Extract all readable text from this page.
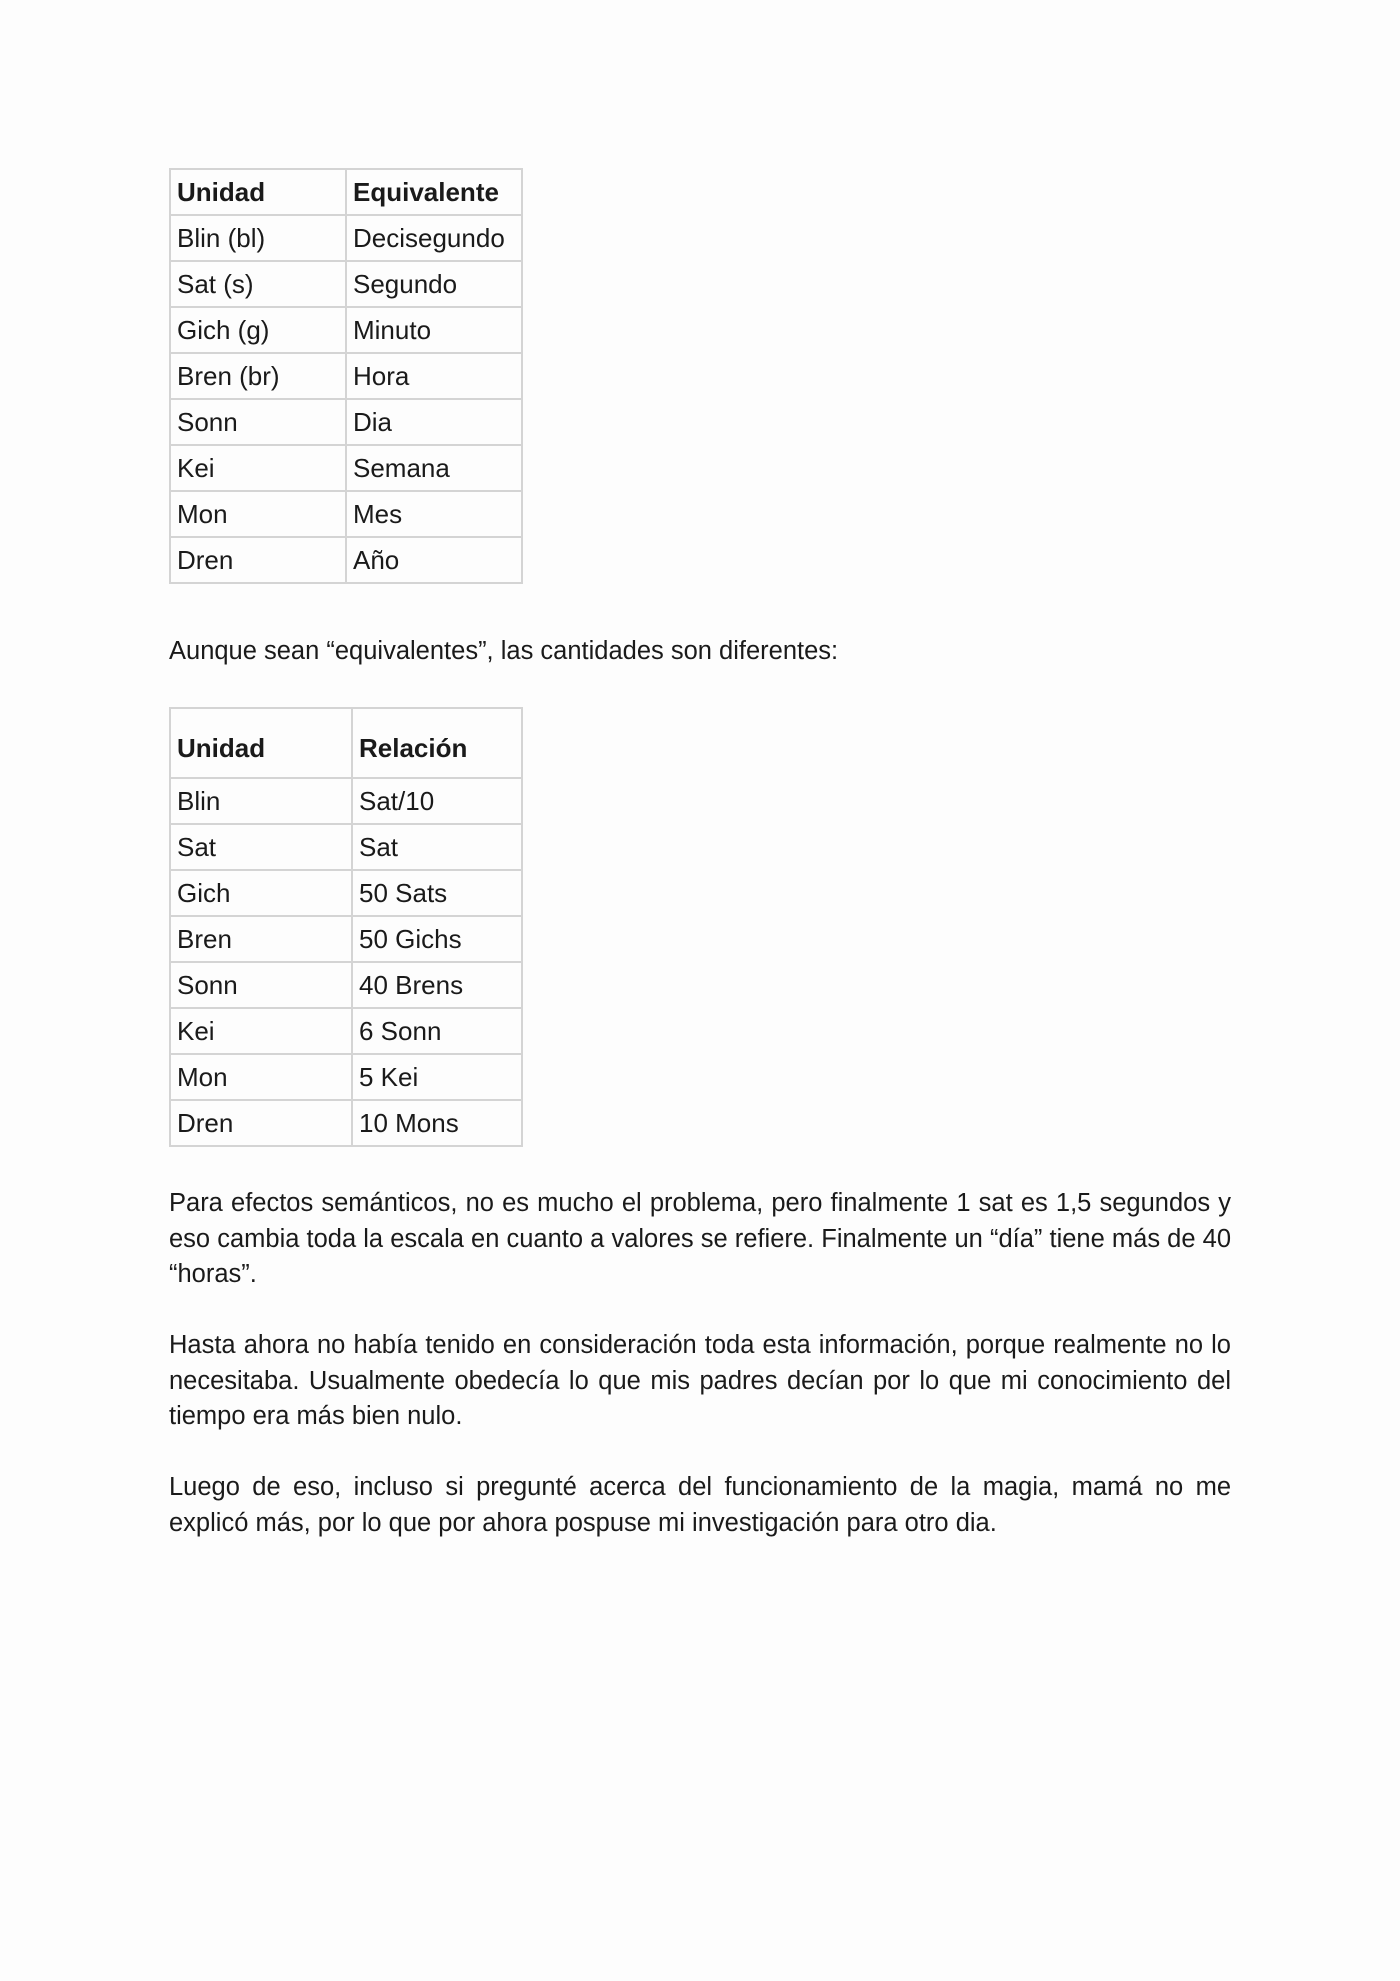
Unidad	Equivalente
Blin (bl)	Decisegundo
Sat (s)	Segundo
Gich (g)	Minuto
Bren (br)	Hora
Sonn	Dia
Kei	Semana
Mon	Mes
Dren	Año

Aunque sean “equivalentes”, las cantidades son diferentes:

Unidad	Relación
Blin	Sat/10
Sat	Sat
Gich	50 Sats
Bren	50 Gichs
Sonn	40 Brens
Kei	6 Sonn
Mon	5 Kei
Dren	10 Mons

Para efectos semánticos, no es mucho el problema, pero finalmente 1 sat es 1,5 segundos y eso cambia toda la escala en cuanto a valores se refiere. Finalmente un “día” tiene más de 40 “horas”.

Hasta ahora no había tenido en consideración toda esta información, porque realmente no lo necesitaba. Usualmente obedecía lo que mis padres decían por lo que mi conocimiento del tiempo era más bien nulo.

Luego de eso, incluso si pregunté acerca del funcionamiento de la magia, mamá no me explicó más, por lo que por ahora pospuse mi investigación para otro dia.
